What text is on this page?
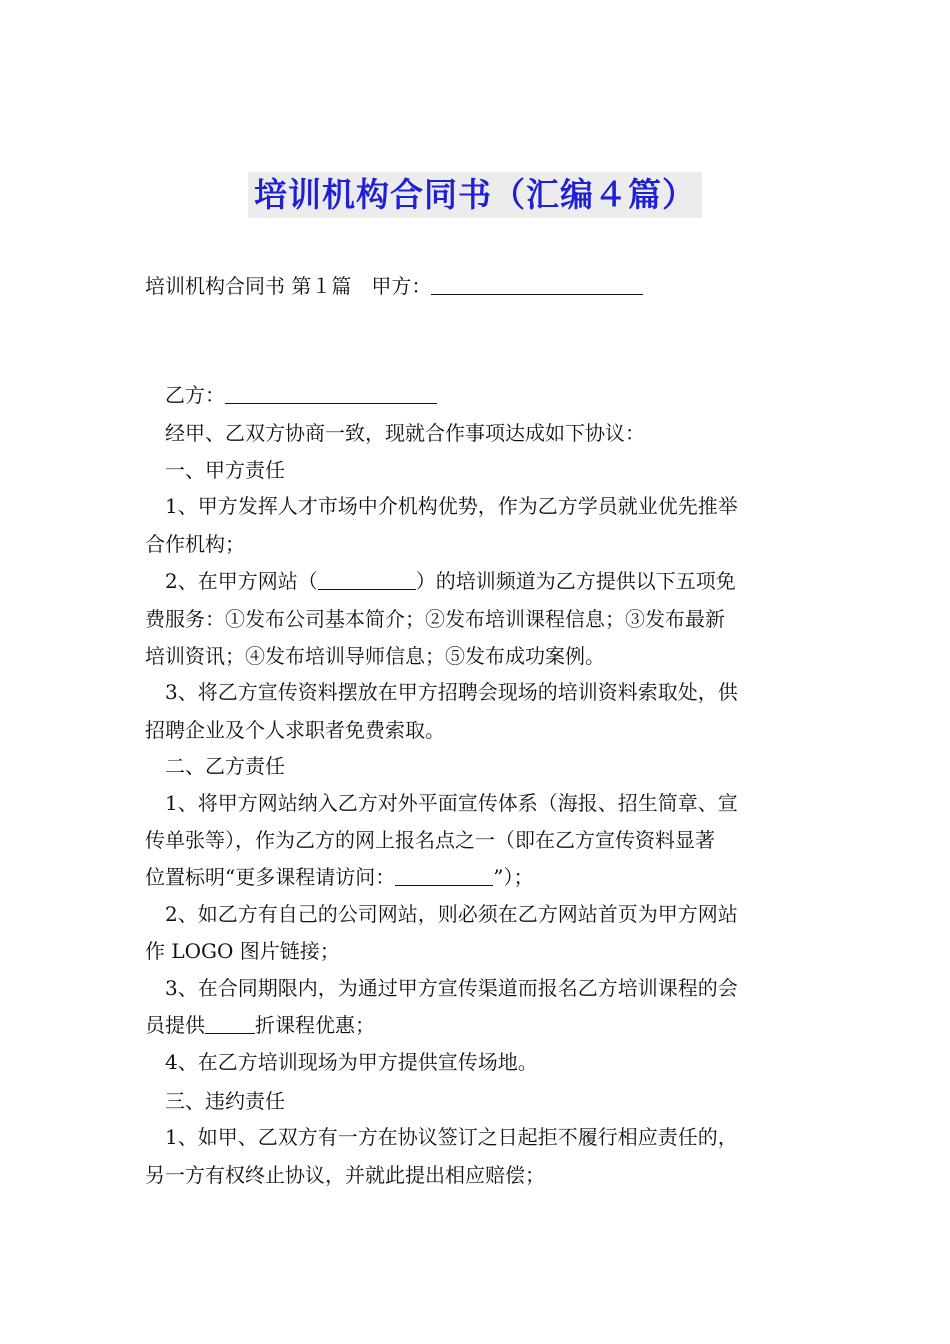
培训机构合同书（汇编４篇）
培训机构合同书 第１篇　甲方：
乙方：
经甲、乙双方协商一致，现就合作事项达成如下协议：
一、甲方责任
1、甲方发挥人才市场中介机构优势，作为乙方学员就业优先推举
合作机构；
2、在甲方网站（	）的培训频道为乙方提供以下五项免
费服务：①发布公司基本简介；②发布培训课程信息；③发布最新
培训资讯；④发布培训导师信息；⑤发布成功案例。
3、将乙方宣传资料摆放在甲方招聘会现场的培训资料索取处，供
招聘企业及个人求职者免费索取。
二、乙方责任
1、将甲方网站纳入乙方对外平面宣传体系（海报、招生简章、宣
传单张等），作为乙方的网上报名点之一（即在乙方宣传资料显著
位置标明“更多课程请访问：	”）；
2、如乙方有自己的公司网站，则必须在乙方网站首页为甲方网站
作 LOGO 图片链接；
3、在合同期限内，为通过甲方宣传渠道而报名乙方培训课程的会
员提供	折课程优惠；
4、在乙方培训现场为甲方提供宣传场地。
三、违约责任
1、如甲、乙双方有一方在协议签订之日起拒不履行相应责任的，
另一方有权终止协议，并就此提出相应赔偿；
